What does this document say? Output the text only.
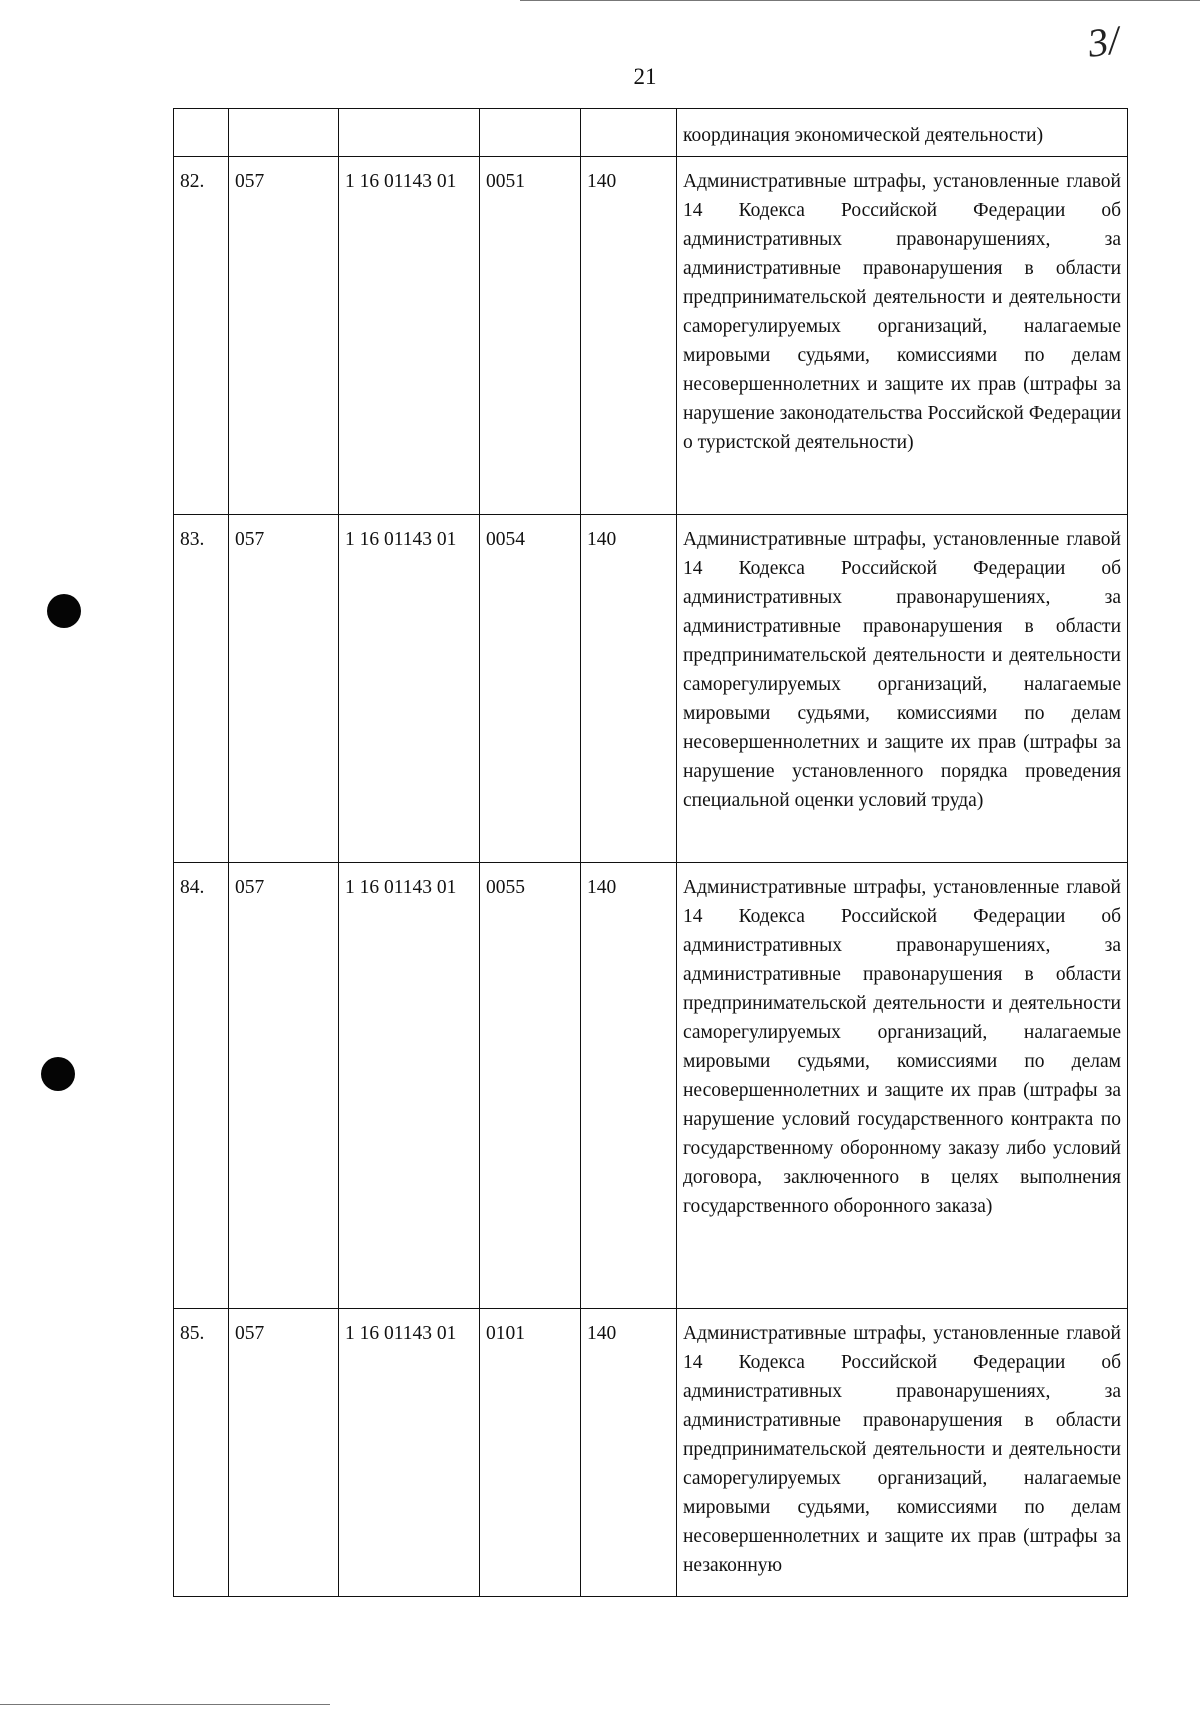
21
3/
					координация экономической деятельности)
82.	057	1 16 01143 01	0051	140	Административные штрафы, установленные главой 14 Кодекса Российской Федерации об административных правонарушениях, за административные правонарушения в области предпринимательской деятельности и деятельности саморегулируемых организаций, налагаемые мировыми судьями, комиссиями по делам несовершеннолетних и защите их прав (штрафы за нарушение законодательства Российской Федерации о туристской деятельности)
83.	057	1 16 01143 01	0054	140	Административные штрафы, установленные главой 14 Кодекса Российской Федерации об административных правонарушениях, за административные правонарушения в области предпринимательской деятельности и деятельности саморегулируемых организаций, налагаемые мировыми судьями, комиссиями по делам несовершеннолетних и защите их прав (штрафы за нарушение установленного порядка проведения специальной оценки условий труда)
84.	057	1 16 01143 01	0055	140	Административные штрафы, установленные главой 14 Кодекса Российской Федерации об административных правонарушениях, за административные правонарушения в области предпринимательской деятельности и деятельности саморегулируемых организаций, налагаемые мировыми судьями, комиссиями по делам несовершеннолетних и защите их прав (штрафы за нарушение условий государственного контракта по государственному оборонному заказу либо условий договора, заключенного в целях выполнения государственного оборонного заказа)
85.	057	1 16 01143 01	0101	140	Административные штрафы, установленные главой 14 Кодекса Российской Федерации об административных правонарушениях, за административные правонарушения в области предпринимательской деятельности и деятельности саморегулируемых организаций, налагаемые мировыми судьями, комиссиями по делам несовершеннолетних и защите их прав (штрафы за незаконную
